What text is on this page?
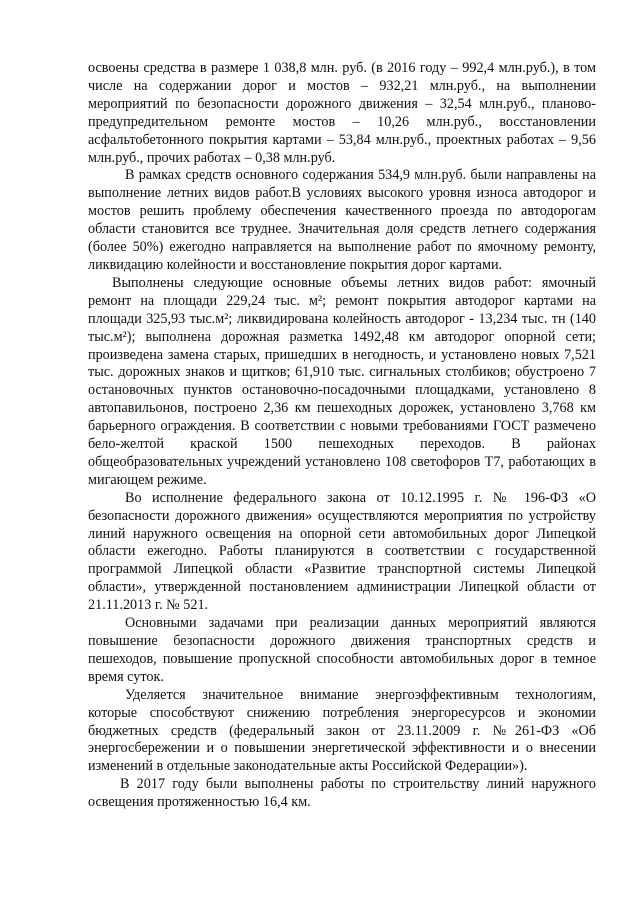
освоены средства в размере 1 038,8 млн. руб. (в 2016 году – 992,4 млн.руб.), в том числе на содержании дорог и мостов – 932,21 млн.руб., на выполнении мероприятий по безопасности дорожного движения – 32,54 млн.руб., планово-предупредительном ремонте мостов – 10,26 млн.руб., восстановлении асфальтобетонного покрытия картами – 53,84 млн.руб., проектных работах – 9,56 млн.руб., прочих работах – 0,38 млн.руб.

В рамках средств основного содержания 534,9 млн.руб. были направлены на выполнение летних видов работ.В условиях высокого уровня износа автодорог и мостов решить проблему обеспечения качественного проезда по автодорогам области становится все труднее. Значительная доля средств летнего содержания (более 50%) ежегодно направляется на выполнение работ по ямочному ремонту, ликвидацию колейности и восстановление покрытия дорог картами.

Выполнены следующие основные объемы летних видов работ: ямочный ремонт на площади 229,24 тыс. м²; ремонт покрытия автодорог картами на площади 325,93 тыс.м²; ликвидирована колейность автодорог - 13,234 тыс. тн (140 тыс.м²); выполнена дорожная разметка 1492,48 км автодорог опорной сети; произведена замена старых, пришедших в негодность, и установлено новых 7,521 тыс. дорожных знаков и щитков; 61,910 тыс. сигнальных столбиков; обустроено 7 остановочных пунктов остановочно-посадочными площадками, установлено 8 автопавильонов, построено 2,36 км пешеходных дорожек, установлено 3,768 км барьерного ограждения. В соответствии с новыми требованиями ГОСТ размечено бело-желтой краской 1500 пешеходных переходов. В районах общеобразовательных учреждений установлено 108 светофоров Т7, работающих в мигающем режиме.

Во исполнение федерального закона от 10.12.1995 г. № 196-ФЗ «О безопасности дорожного движения» осуществляются мероприятия по устройству линий наружного освещения на опорной сети автомобильных дорог Липецкой области ежегодно. Работы планируются в соответствии с государственной программой Липецкой области «Развитие транспортной системы Липецкой области», утвержденной постановлением администрации Липецкой области от 21.11.2013 г. № 521.

Основными задачами при реализации данных мероприятий являются повышение безопасности дорожного движения транспортных средств и пешеходов, повышение пропускной способности автомобильных дорог в темное время суток.

Уделяется значительное внимание энергоэффективным технологиям, которые способствуют снижению потребления энергоресурсов и экономии бюджетных средств (федеральный закон от 23.11.2009 г. №261-ФЗ «Об энергосбережении и о повышении энергетической эффективности и о внесении изменений в отдельные законодательные акты Российской Федерации»).

В 2017 году были выполнены работы по строительству линий наружного освещения протяженностью 16,4 км.
